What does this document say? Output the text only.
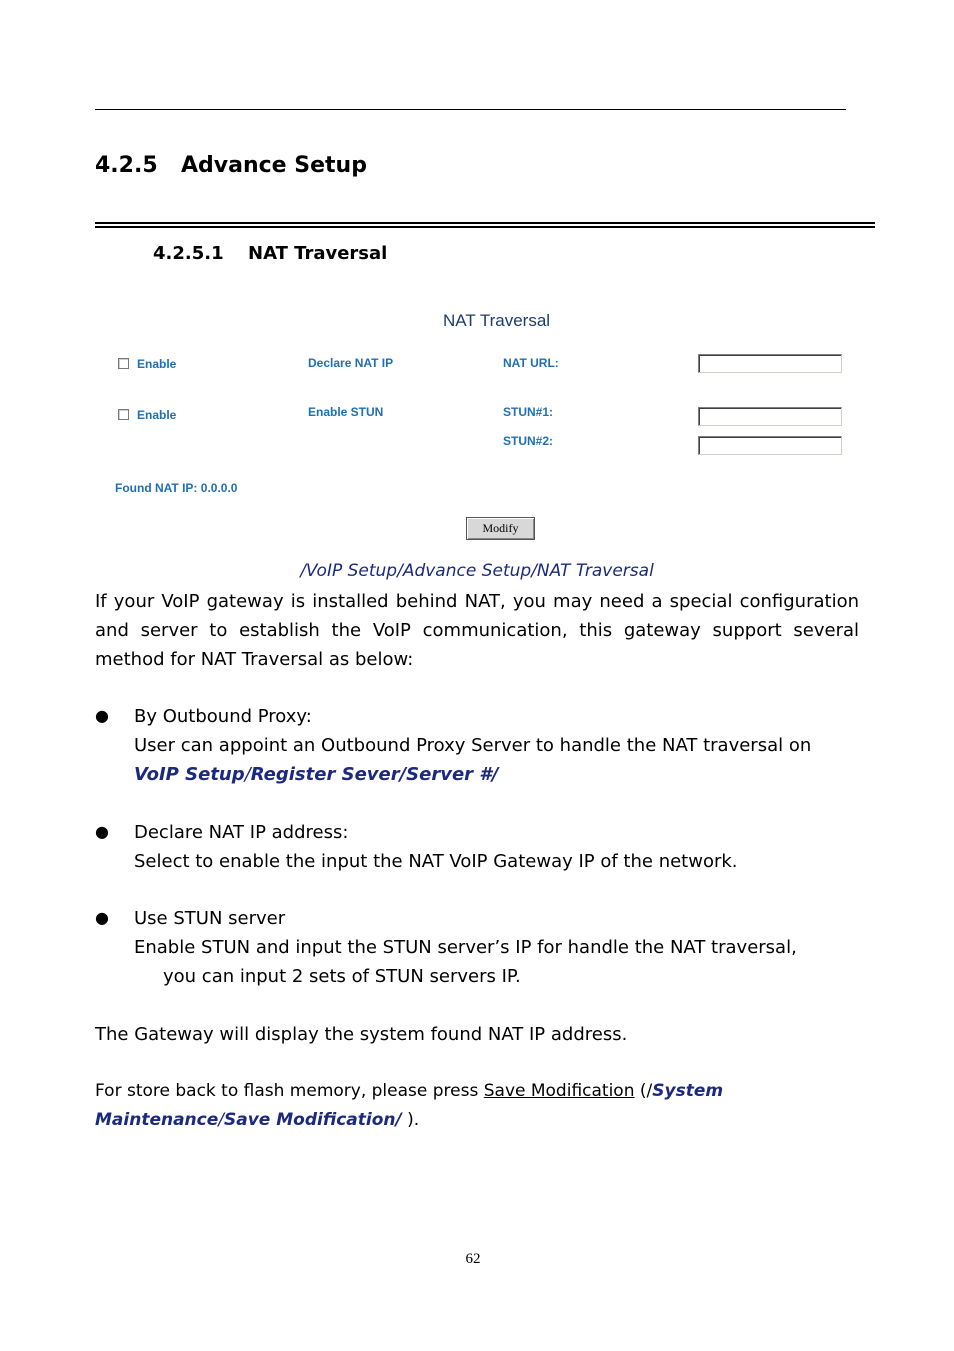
4.2.5 Advance Setup
4.2.5.1 NAT Traversal
NAT Traversal
Enable	Declare NAT IP	NAT URL:
Enable	Enable STUN	STUN#1:
STUN#2:
Found NAT IP: 0.0.0.0
Modify
/VoIP Setup/Advance Setup/NAT Traversal
If your VoIP gateway is installed behind NAT, you may need a special configuration and server to establish the VoIP communication, this gateway support several method for NAT Traversal as below:
● By Outbound Proxy:
User can appoint an Outbound Proxy Server to handle the NAT traversal on
VoIP Setup/Register Sever/Server #/
● Declare NAT IP address:
Select to enable the input the NAT VoIP Gateway IP of the network.
● Use STUN server
Enable STUN and input the STUN server’s IP for handle the NAT traversal,
you can input 2 sets of STUN servers IP.
The Gateway will display the system found NAT IP address.
For store back to flash memory, please press Save Modification (/System
Maintenance/Save Modification/ ).
62
